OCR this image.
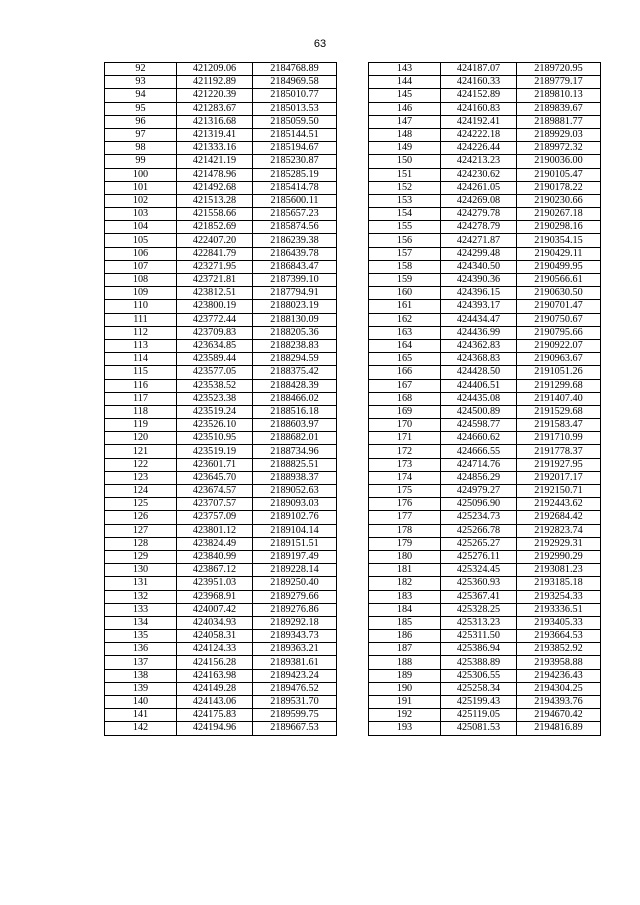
63
92	421209.06	2184768.89
93	421192.89	2184969.58
94	421220.39	2185010.77
95	421283.67	2185013.53
96	421316.68	2185059.50
97	421319.41	2185144.51
98	421333.16	2185194.67
99	421421.19	2185230.87
100	421478.96	2185285.19
101	421492.68	2185414.78
102	421513.28	2185600.11
103	421558.66	2185657.23
104	421852.69	2185874.56
105	422407.20	2186239.38
106	422841.79	2186439.78
107	423271.95	2186843.47
108	423721.81	2187399.10
109	423812.51	2187794.91
110	423800.19	2188023.19
111	423772.44	2188130.09
112	423709.83	2188205.36
113	423634.85	2188238.83
114	423589.44	2188294.59
115	423577.05	2188375.42
116	423538.52	2188428.39
117	423523.38	2188466.02
118	423519.24	2188516.18
119	423526.10	2188603.97
120	423510.95	2188682.01
121	423519.19	2188734.96
122	423601.71	2188825.51
123	423645.70	2188938.37
124	423674.57	2189052.63
125	423707.57	2189093.03
126	423757.09	2189102.76
127	423801.12	2189104.14
128	423824.49	2189151.51
129	423840.99	2189197.49
130	423867.12	2189228.14
131	423951.03	2189250.40
132	423968.91	2189279.66
133	424007.42	2189276.86
134	424034.93	2189292.18
135	424058.31	2189343.73
136	424124.33	2189363.21
137	424156.28	2189381.61
138	424163.98	2189423.24
139	424149.28	2189476.52
140	424143.06	2189531.70
141	424175.83	2189599.75
142	424194.96	2189667.53
143	424187.07	2189720.95
144	424160.33	2189779.17
145	424152.89	2189810.13
146	424160.83	2189839.67
147	424192.41	2189881.77
148	424222.18	2189929.03
149	424226.44	2189972.32
150	424213.23	2190036.00
151	424230.62	2190105.47
152	424261.05	2190178.22
153	424269.08	2190230.66
154	424279.78	2190267.18
155	424278.79	2190298.16
156	424271.87	2190354.15
157	424299.48	2190429.11
158	424340.50	2190499.95
159	424390.36	2190566.61
160	424396.15	2190630.50
161	424393.17	2190701.47
162	424434.47	2190750.67
163	424436.99	2190795.66
164	424362.83	2190922.07
165	424368.83	2190963.67
166	424428.50	2191051.26
167	424406.51	2191299.68
168	424435.08	2191407.40
169	424500.89	2191529.68
170	424598.77	2191583.47
171	424660.62	2191710.99
172	424666.55	2191778.37
173	424714.76	2191927.95
174	424856.29	2192017.17
175	424979.27	2192150.71
176	425096.90	2192443.62
177	425234.73	2192684.42
178	425266.78	2192823.74
179	425265.27	2192929.31
180	425276.11	2192990.29
181	425324.45	2193081.23
182	425360.93	2193185.18
183	425367.41	2193254.33
184	425328.25	2193336.51
185	425313.23	2193405.33
186	425311.50	2193664.53
187	425386.94	2193852.92
188	425388.89	2193958.88
189	425306.55	2194236.43
190	425258.34	2194304.25
191	425199.43	2194393.76
192	425119.05	2194670.42
193	425081.53	2194816.89
